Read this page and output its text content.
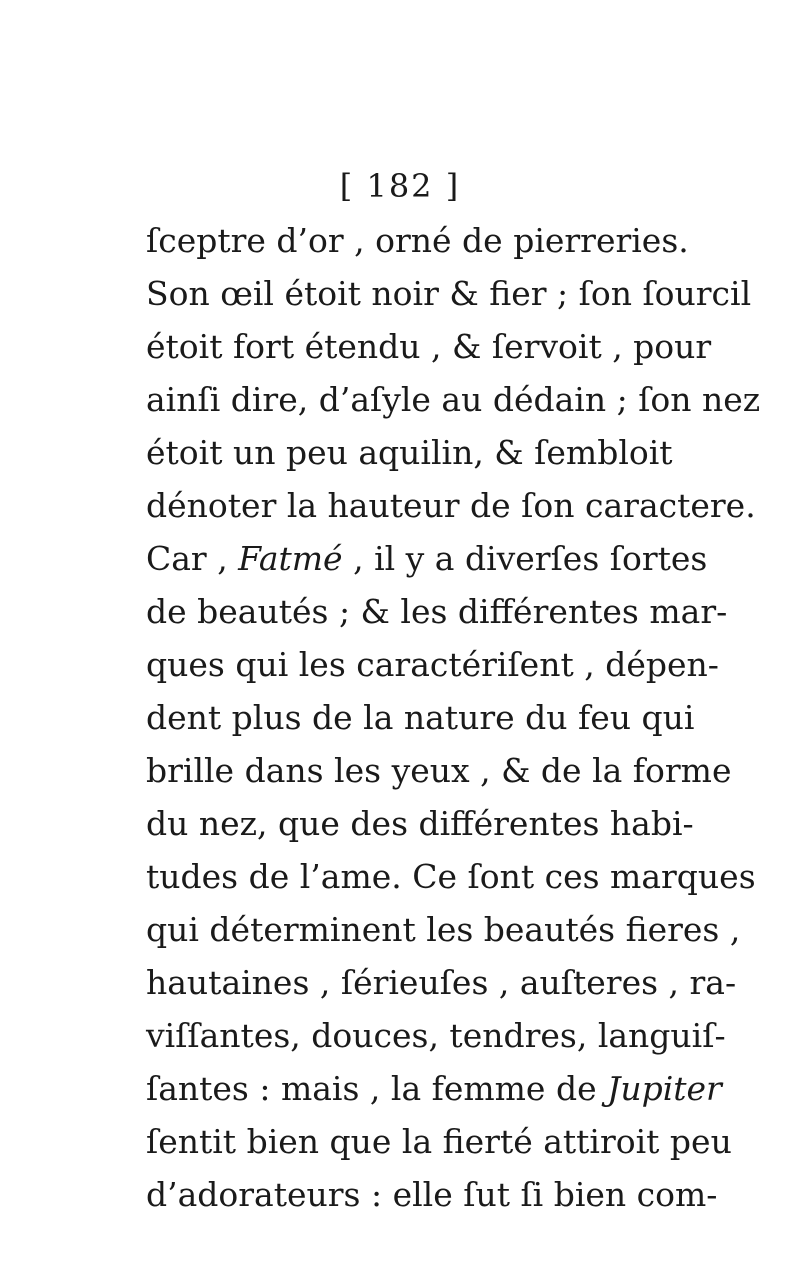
[ 182 ]
ſceptre d’or , orné de pierreries.
Son œil étoit noir & fier ; ſon ſourcil
étoit fort étendu , & ſervoit , pour
ainſi dire, d’aſyle au dédain ; ſon nez
étoit un peu aquilin, & ſembloit
dénoter la hauteur de ſon caractere.
Car , Fatmé , il y a diverſes ſortes
de beautés ; & les différentes mar-
ques qui les caractériſent , dépen-
dent plus de la nature du feu qui
brille dans les yeux , & de la forme
du nez, que des différentes habi-
tudes de l’ame. Ce ſont ces marques
qui déterminent les beautés fieres ,
hautaines , ſérieuſes , auſteres , ra-
viſſantes, douces, tendres, languiſ-
ſantes : mais , la femme de Jupiter
ſentit bien que la fierté attiroit peu
d’adorateurs : elle ſut ſi bien com-
